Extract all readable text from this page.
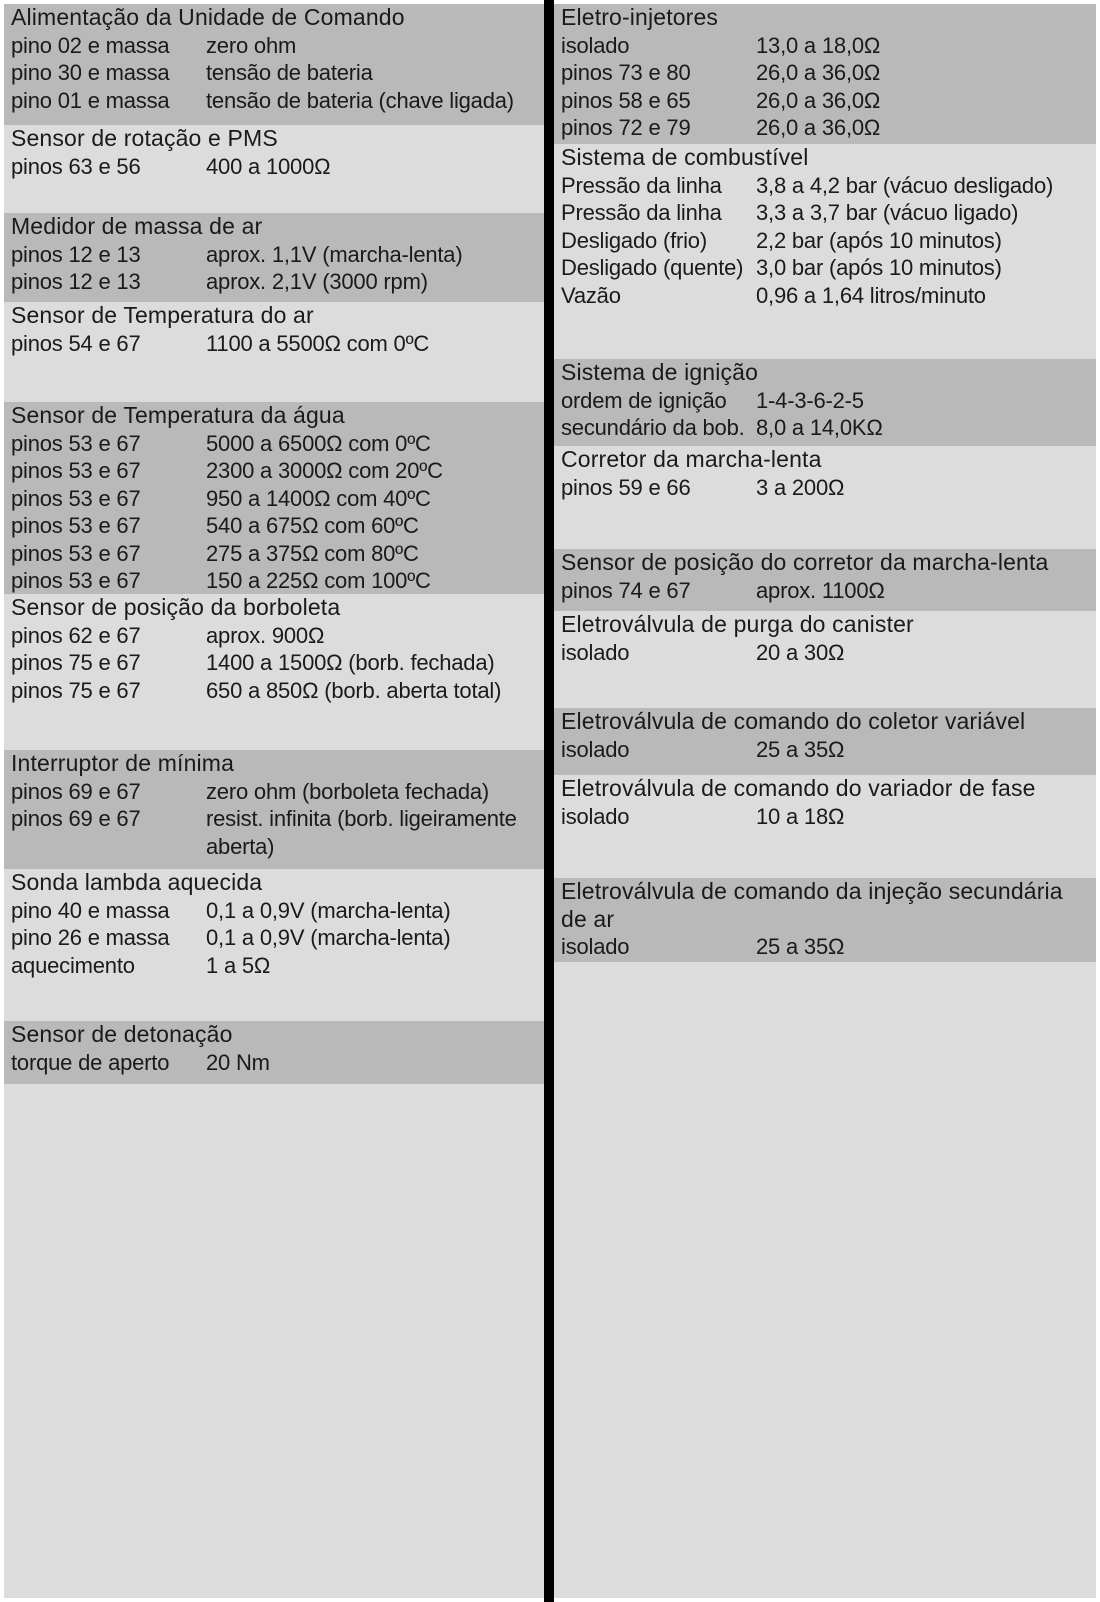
Alimentação da Unidade de Comando
pino 02 e massa	zero ohm
pino 30 e massa	tensão de bateria
pino 01 e massa	tensão de bateria (chave ligada)
Sensor de rotação e PMS
pinos 63 e 56	400 a 1000Ω
Medidor de massa de ar
pinos 12 e 13	aprox. 1,1V (marcha-lenta)
pinos 12 e 13	aprox. 2,1V (3000 rpm)
Sensor de Temperatura do ar
pinos 54 e 67	1100 a 5500Ω com 0ºC
Sensor de Temperatura da água
pinos 53 e 67	5000 a 6500Ω com 0ºC
pinos 53 e 67	2300 a 3000Ω com 20ºC
pinos 53 e 67	950 a 1400Ω com 40ºC
pinos 53 e 67	540 a 675Ω com 60ºC
pinos 53 e 67	275 a 375Ω com 80ºC
pinos 53 e 67	150 a 225Ω com 100ºC
Sensor de posição da borboleta
pinos 62 e 67	aprox. 900Ω
pinos 75 e 67	1400 a 1500Ω (borb. fechada)
pinos 75 e 67	650 a 850Ω (borb. aberta total)
Interruptor de mínima
pinos 69 e 67	zero ohm (borboleta fechada)
pinos 69 e 67	resist. infinita (borb. ligeiramente aberta)
Sonda lambda aquecida
pino 40 e massa	0,1 a 0,9V (marcha-lenta)
pino 26 e massa	0,1 a 0,9V (marcha-lenta)
aquecimento	1 a 5Ω
Sensor de detonação
torque de aperto	20 Nm
Eletro-injetores
isolado	13,0 a 18,0Ω
pinos 73 e 80	26,0 a 36,0Ω
pinos 58 e 65	26,0 a 36,0Ω
pinos 72 e 79	26,0 a 36,0Ω
Sistema de combustível
Pressão da linha	3,8 a 4,2 bar (vácuo desligado)
Pressão da linha	3,3 a 3,7 bar (vácuo ligado)
Desligado (frio)	2,2 bar (após 10 minutos)
Desligado (quente) 3,0 bar (após 10 minutos)
Vazão	0,96 a 1,64 litros/minuto
Sistema de ignição
ordem de ignição	1-4-3-6-2-5
secundário da bob. 8,0 a 14,0KΩ
Corretor da marcha-lenta
pinos 59 e 66	3 a 200Ω
Sensor de posição do corretor da marcha-lenta
pinos 74 e 67	aprox. 1100Ω
Eletroválvula de purga do canister
isolado	20 a 30Ω
Eletroválvula de comando do coletor variável
isolado	25 a 35Ω
Eletroválvula de comando do variador de fase
isolado	10 a 18Ω
Eletroválvula de comando da injeção secundária de ar
isolado	25 a 35Ω
